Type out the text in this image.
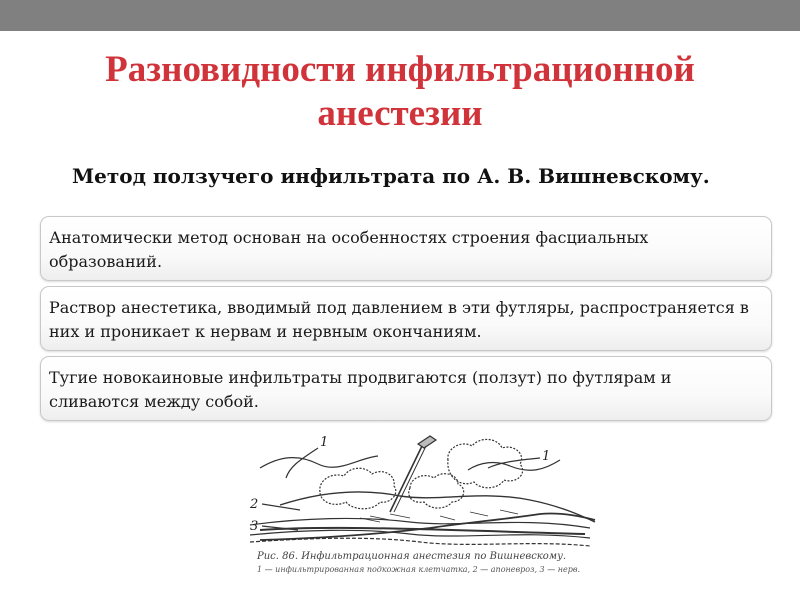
Разновидности инфильтрационной анестезии
Метод ползучего инфильтрата по А. В. Вишневскому.
Анатомически метод основан на особенностях строения фасциальных образований.
Раствор анестетика, вводимый под давлением в эти футляры, распространяется в них и проникает к нервам и нервным окончаниям.
Тугие новокаиновые инфильтраты продвигаются (ползут) по футлярам и сливаются между собой.
1
1
2
3
Рис. 86. Инфильтрационная анестезия по Вишневскому.
1 — инфильтрированная подкожная клетчатка, 2 — апоневроз, 3 — нерв.
